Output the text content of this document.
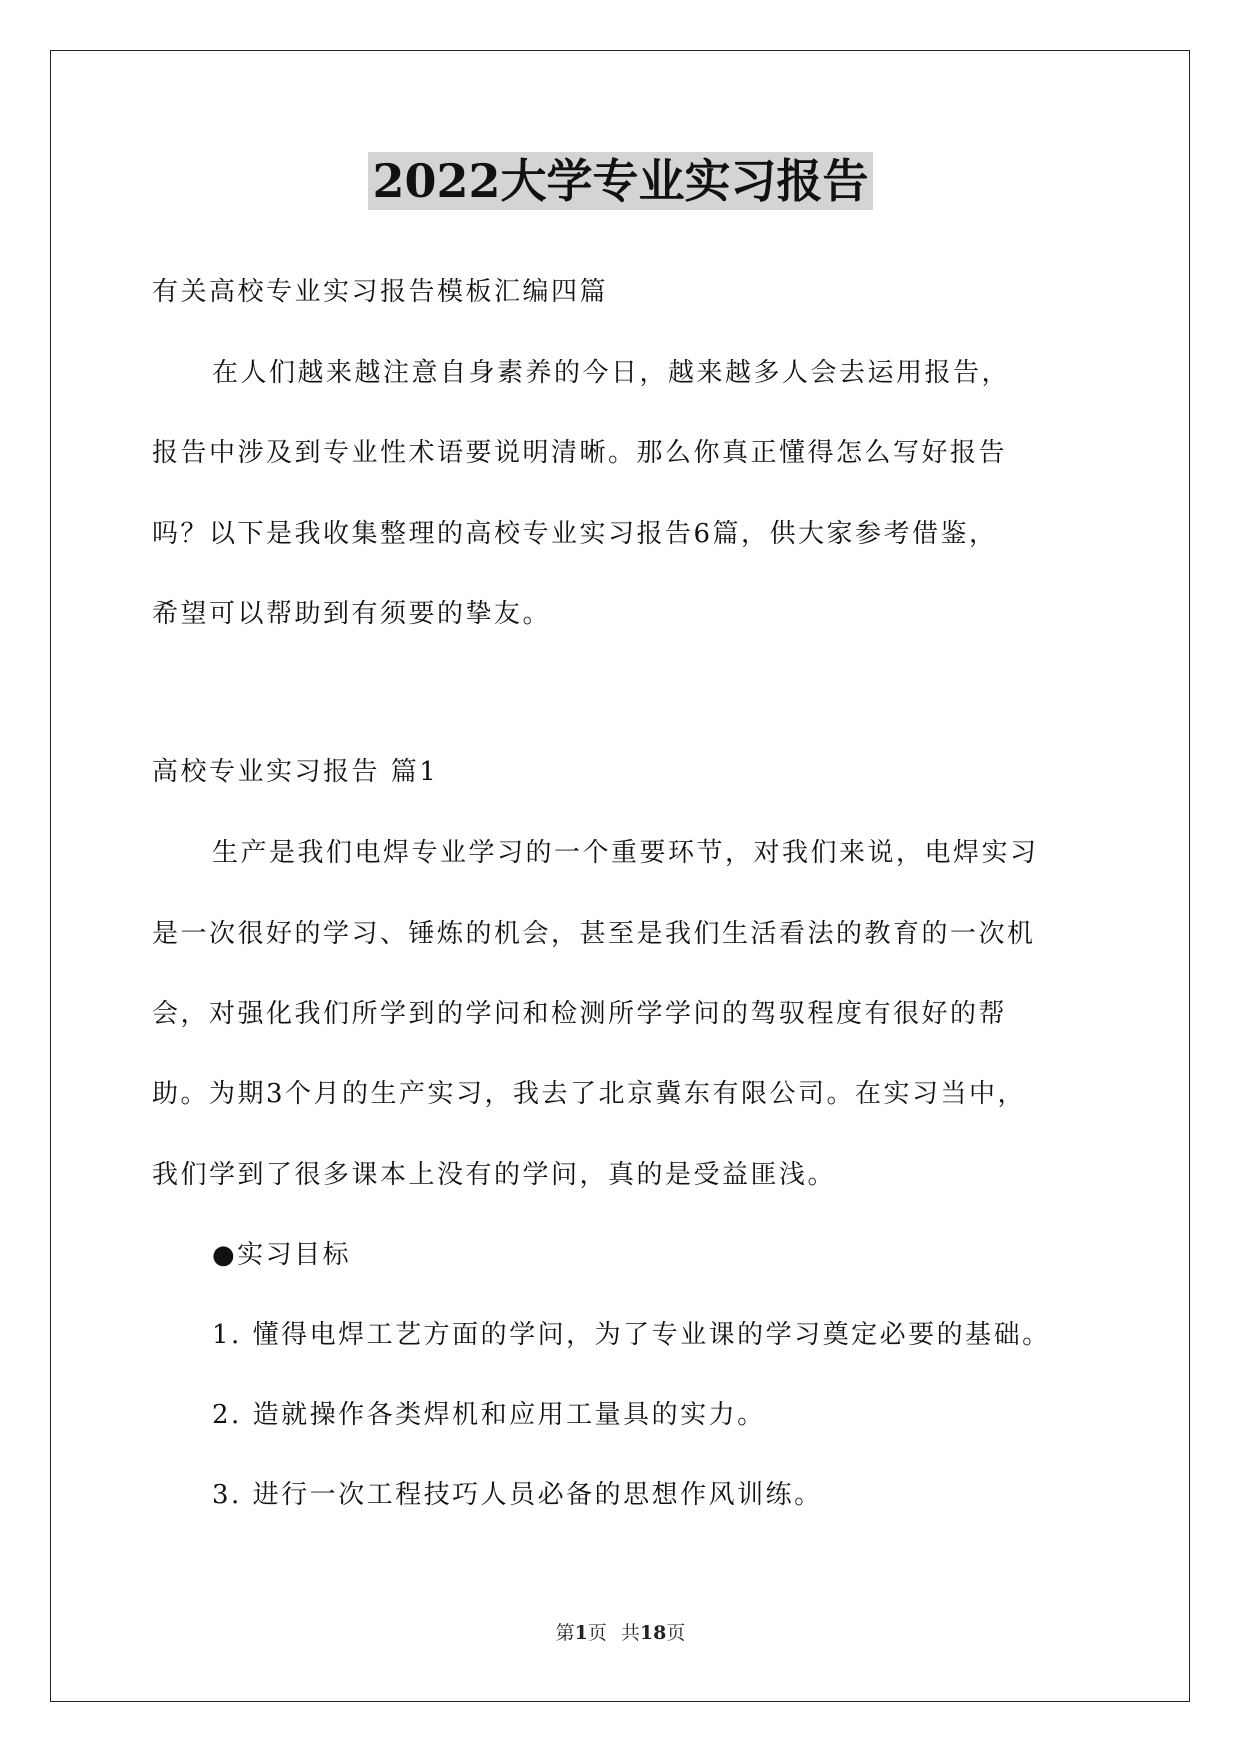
2022大学专业实习报告
有关高校专业实习报告模板汇编四篇
在人们越来越注意自身素养的今日，越来越多人会去运用报告，
报告中涉及到专业性术语要说明清晰。那么你真正懂得怎么写好报告
吗？以下是我收集整理的高校专业实习报告6篇，供大家参考借鉴，
希望可以帮助到有须要的挚友。
高校专业实习报告 篇1
生产是我们电焊专业学习的一个重要环节，对我们来说，电焊实习
是一次很好的学习、锤炼的机会，甚至是我们生活看法的教育的一次机
会，对强化我们所学到的学问和检测所学学问的驾驭程度有很好的帮
助。为期3个月的生产实习，我去了北京冀东有限公司。在实习当中，
我们学到了很多课本上没有的学问，真的是受益匪浅。
●实习目标
1. 懂得电焊工艺方面的学问，为了专业课的学习奠定必要的基础。
2. 造就操作各类焊机和应用工量具的实力。
3. 进行一次工程技巧人员必备的思想作风训练。
第1页 共18页
